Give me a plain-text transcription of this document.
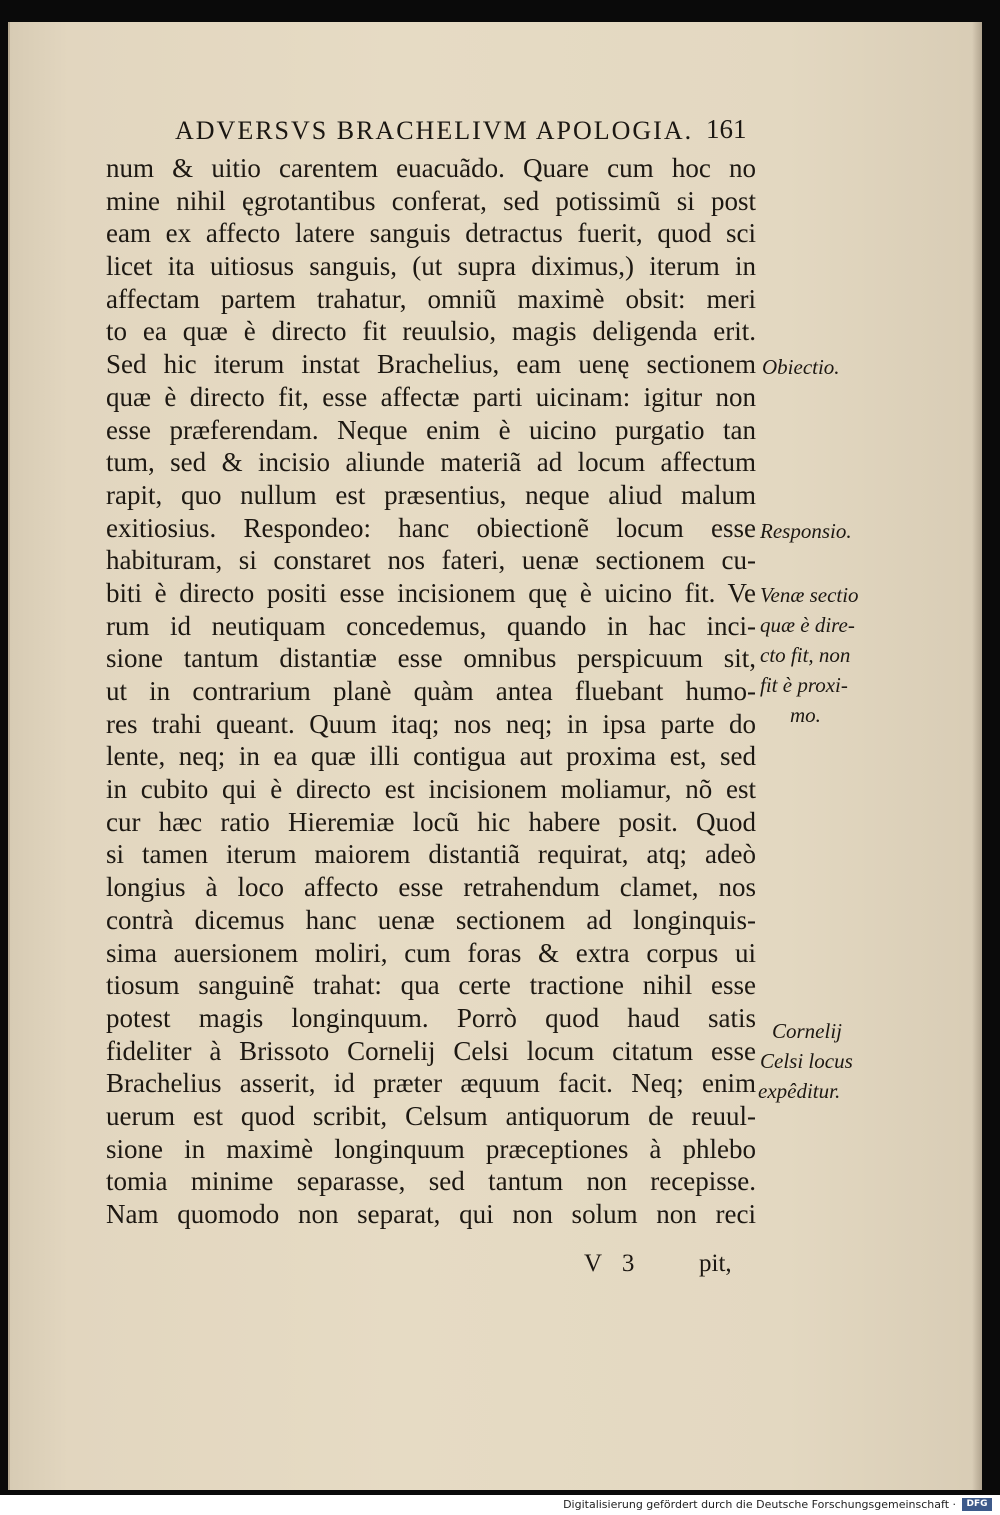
ADVERSVS BRACHELIVM APOLOGIA. 161
num & uitio carentem euacuãdo. Quare cum hoc no
mine nihil ęgrotantibus conferat, sed potissimũ si post
eam ex affecto latere sanguis detractus fuerit, quod sci
licet ita uitiosus sanguis, (ut supra diximus,) iterum in
affectam partem trahatur, omniũ maximè obsit: meri
to ea quæ è directo fit reuulsio, magis deligenda erit.
Sed hic iterum instat Brachelius, eam uenę sectionem
quæ è directo fit, esse affectæ parti uicinam: igitur non
esse præferendam. Neque enim è uicino purgatio tan
tum, sed & incisio aliunde materiã ad locum affectum
rapit, quo nullum est præsentius, neque aliud malum
exitiosius. Respondeo: hanc obiectionẽ locum esse
habituram, si constaret nos fateri, uenæ sectionem cu-
biti è directo positi esse incisionem quę è uicino fit. Ve
rum id neutiquam concedemus, quando in hac inci-
sione tantum distantiæ esse omnibus perspicuum sit,
ut in contrarium planè quàm antea fluebant humo-
res trahi queant. Quum itaq; nos neq; in ipsa parte do
lente, neq; in ea quæ illi contigua aut proxima est, sed
in cubito qui è directo est incisionem moliamur, nõ est
cur hæc ratio Hieremiæ locũ hic habere posit. Quod
si tamen iterum maiorem distantiã requirat, atq; adeò
longius à loco affecto esse retrahendum clamet, nos
contrà dicemus hanc uenæ sectionem ad longinquis-
sima auersionem moliri, cum foras & extra corpus ui
tiosum sanguinẽ trahat: qua certe tractione nihil esse
potest magis longinquum. Porrò quod haud satis
fideliter à Brissoto Cornelij Celsi locum citatum esse
Brachelius asserit, id præter æquum facit. Neq; enim
uerum est quod scribit, Celsum antiquorum de reuul-
sione in maximè longinquum præceptiones à phlebo
tomia minime separasse, sed tantum non recepisse.
Nam quomodo non separat, qui non solum non reci
Obiectio.
Responsio.
Venæ sectio
quæ è dire-
cto fit, non
fit è proxi-
mo.
Cornelij
Celsi locus
expêditur.
V 3	pit,
Digitalisierung gefördert durch die Deutsche Forschungsgemeinschaft ·	DFG
